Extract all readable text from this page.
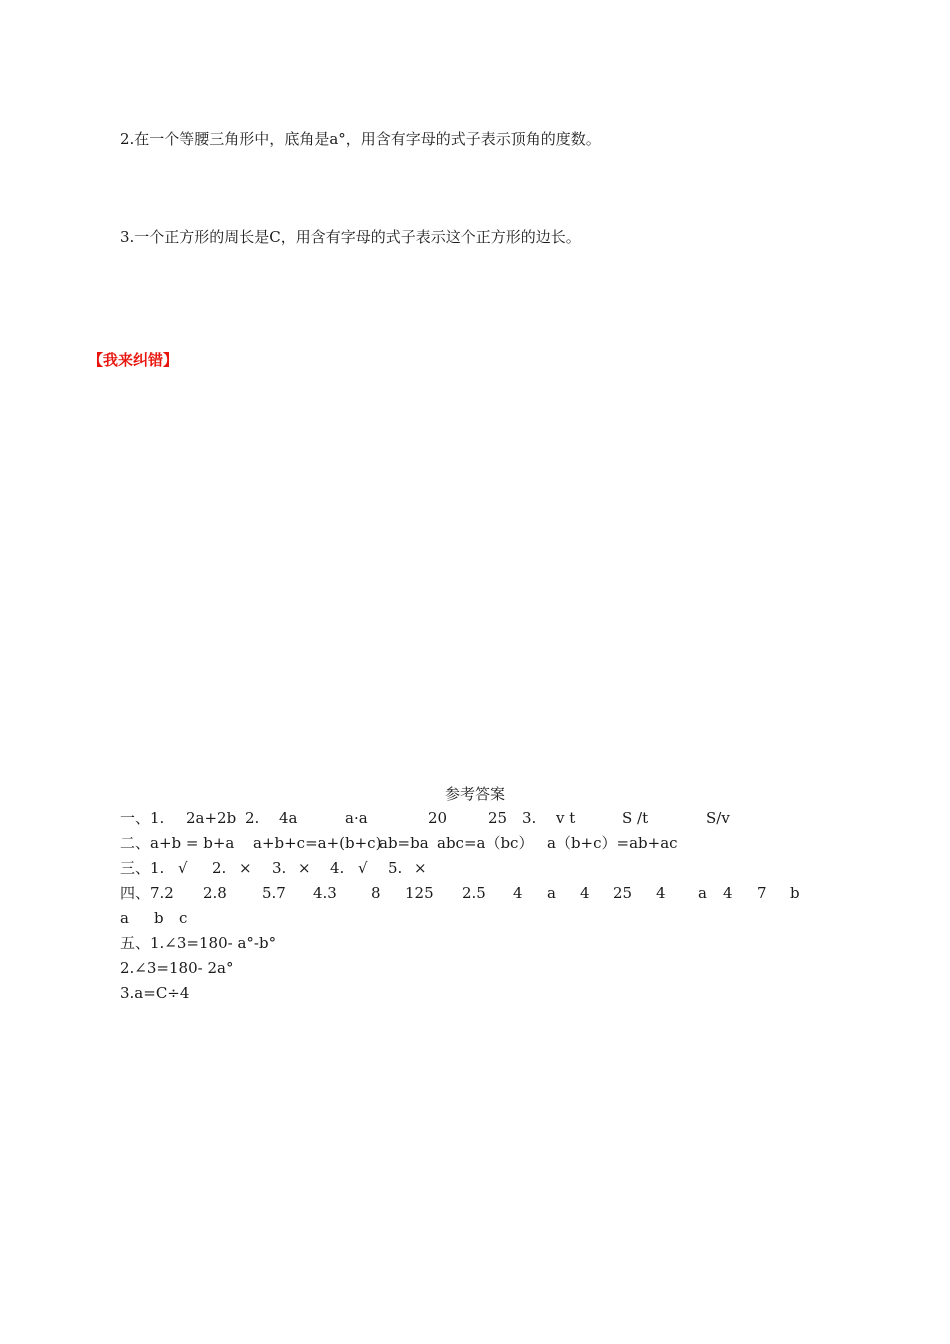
2.在一个等腰三角形中，底角是a°，用含有字母的式子表示顶角的度数。
3.一个正方形的周长是C，用含有字母的式子表示这个正方形的边长。
【我来纠错】
参考答案
一、1. 2a+2b 2. 4a	a·a	20	25 3. v t	S /t	S/v
二、a+b = b+a a+b+c=a+(b+c)
ab=ba abc=a（bc） a（b+c）=ab+ac
三、1. √ 2. × 3. × 4. √ 5. ×
四、7.2 2.8 5.7 4.3 8 125 2.5 4 a 4 25 4 a 4 7 b
a b c
五、1.∠3=180- a°-b°
2.∠3=180- 2a°
3.a=C÷4
